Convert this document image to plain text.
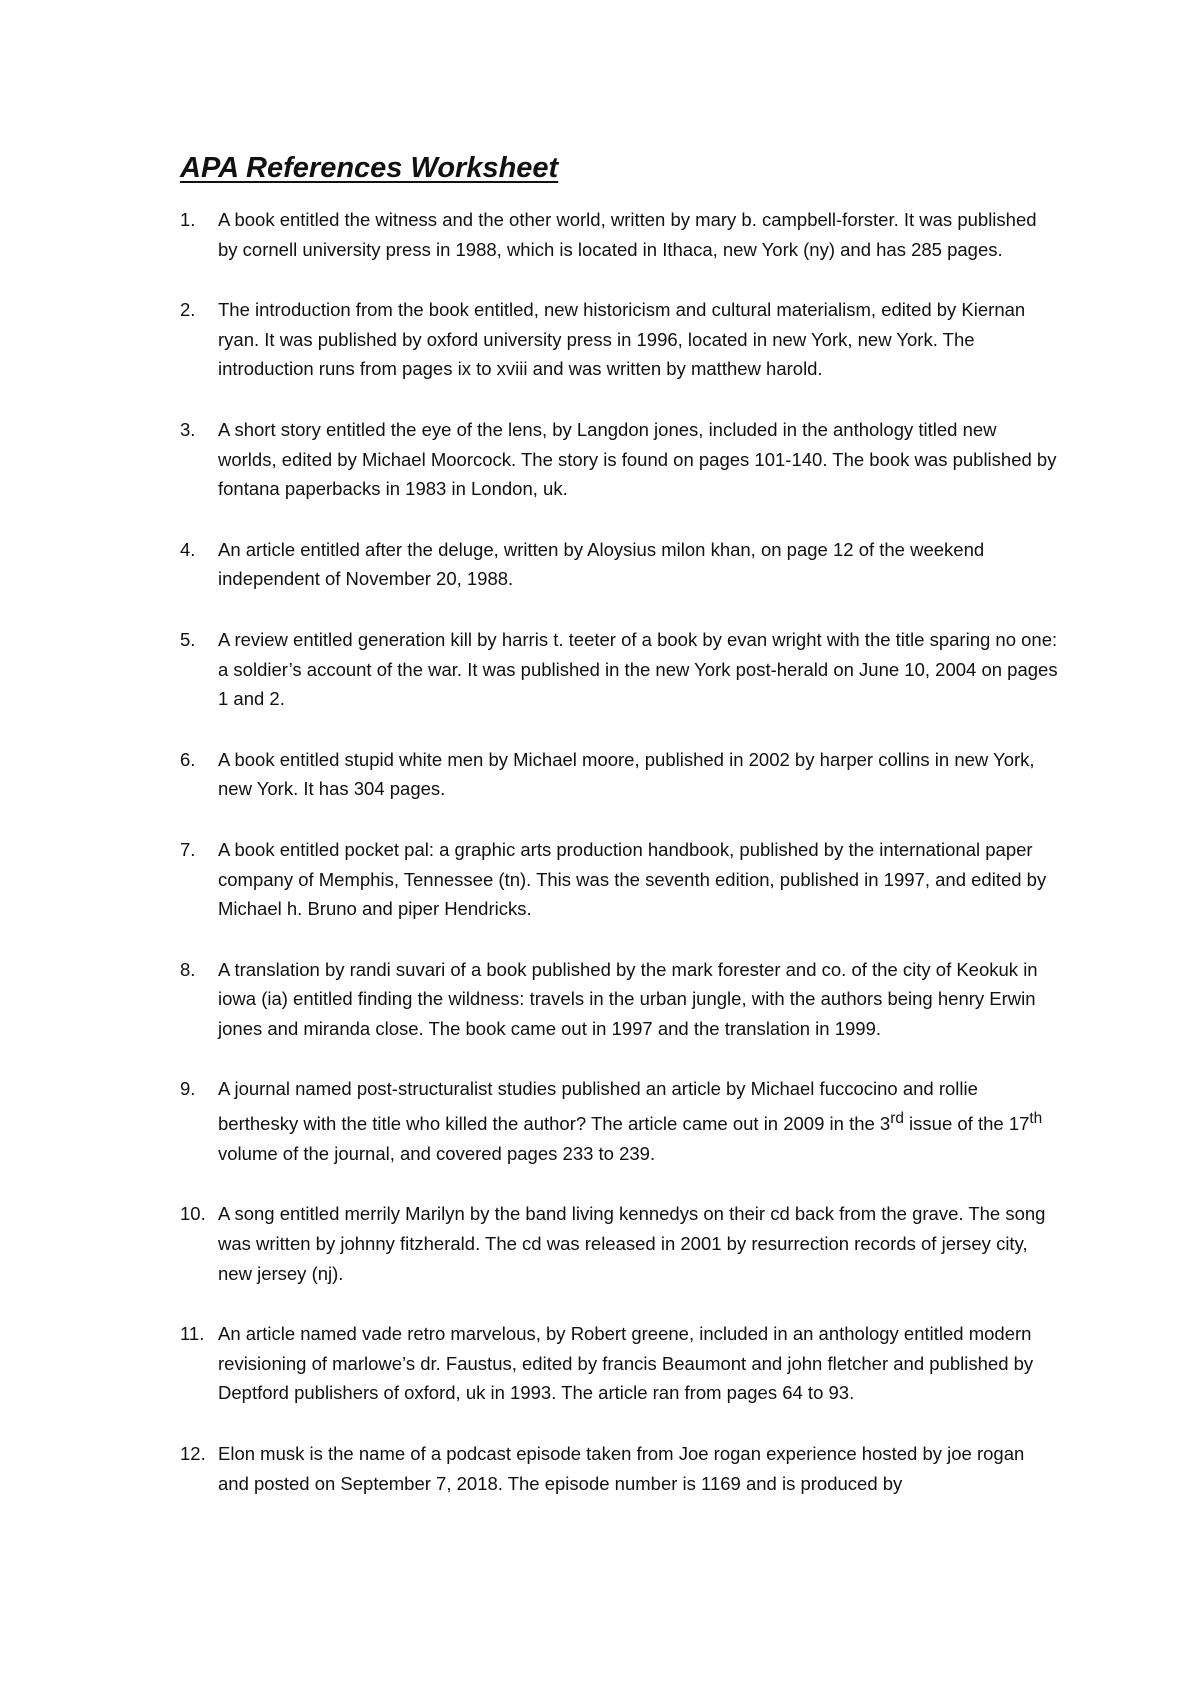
APA References Worksheet
1.	A book entitled the witness and the other world, written by mary b. campbell-forster. It was published by cornell university press in 1988, which is located in Ithaca, new York (ny) and has 285 pages.
2.	The introduction from the book entitled, new historicism and cultural materialism, edited by Kiernan ryan. It was published by oxford university press in 1996, located in new York, new York. The introduction runs from pages ix to xviii and was written by matthew harold.
3.	A short story entitled the eye of the lens, by Langdon jones, included in the anthology titled new worlds, edited by Michael Moorcock. The story is found on pages 101-140. The book was published by fontana paperbacks in 1983 in London, uk.
4.	An article entitled after the deluge, written by Aloysius milon khan, on page 12 of the weekend independent of November 20, 1988.
5.	A review entitled generation kill by harris t. teeter of a book by evan wright with the title sparing no one: a soldier’s account of the war. It was published in the new York post-herald on June 10, 2004 on pages 1 and 2.
6.	A book entitled stupid white men by Michael moore, published in 2002 by harper collins in new York, new York. It has 304 pages.
7.	A book entitled pocket pal: a graphic arts production handbook, published by the international paper company of Memphis, Tennessee (tn). This was the seventh edition, published in 1997, and edited by Michael h. Bruno and piper Hendricks.
8.	A translation by randi suvari of a book published by the mark forester and co. of the city of Keokuk in iowa (ia) entitled finding the wildness: travels in the urban jungle, with the authors being henry Erwin jones and miranda close. The book came out in 1997 and the translation in 1999.
9.	A journal named post-structuralist studies published an article by Michael fuccocino and rollie berthesky with the title who killed the author? The article came out in 2009 in the 3rd issue of the 17th volume of the journal, and covered pages 233 to 239.
10. A song entitled merrily Marilyn by the band living kennedys on their cd back from the grave. The song was written by johnny fitzherald. The cd was released in 2001 by resurrection records of jersey city, new jersey (nj).
11. An article named vade retro marvelous, by Robert greene, included in an anthology entitled modern revisioning of marlowe’s dr. Faustus, edited by francis Beaumont and john fletcher and published by Deptford publishers of oxford, uk in 1993. The article ran from pages 64 to 93.
12. Elon musk is the name of a podcast episode taken from Joe rogan experience hosted by joe rogan and posted on September 7, 2018. The episode number is 1169 and is produced by
